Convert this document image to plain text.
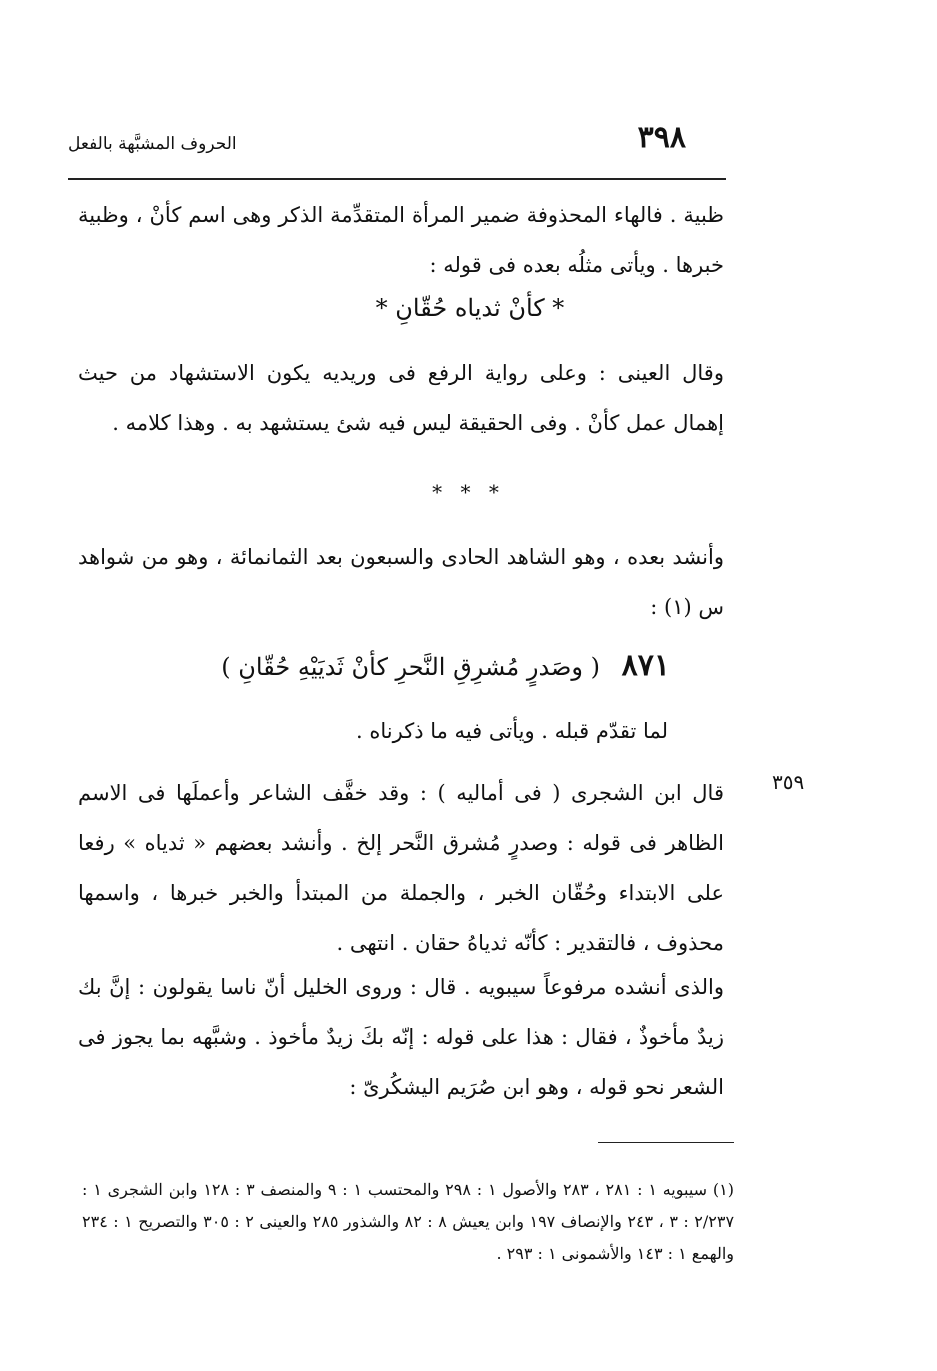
٣٩٨
الحروف المشبَّهة بالفعل
ظبية . فالهاء المحذوفة ضمير المرأة المتقدِّمة الذكر وهى اسم كأنْ ، وظبية خبرها . ويأتى مثلُه بعده فى قوله :
* كأنْ ثدياه حُقّانِ *
وقال العينى : وعلى رواية الرفع فى وريديه يكون الاستشهاد من حيث إهمال عمل كأنْ . وفى الحقيقة ليس فيه شئ يستشهد به . وهذا كلامه .
* * *
وأنشد بعده ، وهو الشاهد الحادى والسبعون بعد الثمانمائة ، وهو من شواهد س (١) :
٨٧١ ( وصَدرٍ مُشرِقِ النَّحرِ كأنْ ثَديَيْهِ حُقّانِ )
لما تقدّم قبله . ويأتى فيه ما ذكرناه .
٣٥٩
قال ابن الشجرى ( فى أماليه ) : وقد خفَّف الشاعر وأعملَها فى الاسم الظاهر فى قوله : وصدرٍ مُشرق النَّحر إلخ . وأنشد بعضهم « ثدياه » رفعا على الابتداء وحُقّان الخبر ، والجملة من المبتدأ والخبر خبرها ، واسمها محذوف ، فالتقدير : كأنّه ثدياهُ حقان . انتهى .
والذى أنشده مرفوعاً سيبويه . قال : وروى الخليل أنّ ناسا يقولون : إنَّ بك زيدٌ مأخوذٌ ، فقال : هذا على قوله : إنّه بكَ زيدٌ مأخوذ . وشبَّهه بما يجوز فى الشعر نحو قوله ، وهو ابن صُرَيم اليشكُرىّ :
(١) سيبويه ١ : ٢٨١ ، ٢٨٣ والأصول ١ : ٢٩٨ والمحتسب ١ : ٩ والمنصف ٣ : ١٢٨ وابن الشجرى ١ : ٢/٢٣٧ : ٣ ، ٢٤٣ والإنصاف ١٩٧ وابن يعيش ٨ : ٨٢ والشذور ٢٨٥ والعينى ٢ : ٣٠٥ والتصريح ١ : ٢٣٤ والهمع ١ : ١٤٣ والأشمونى ١ : ٢٩٣ .
